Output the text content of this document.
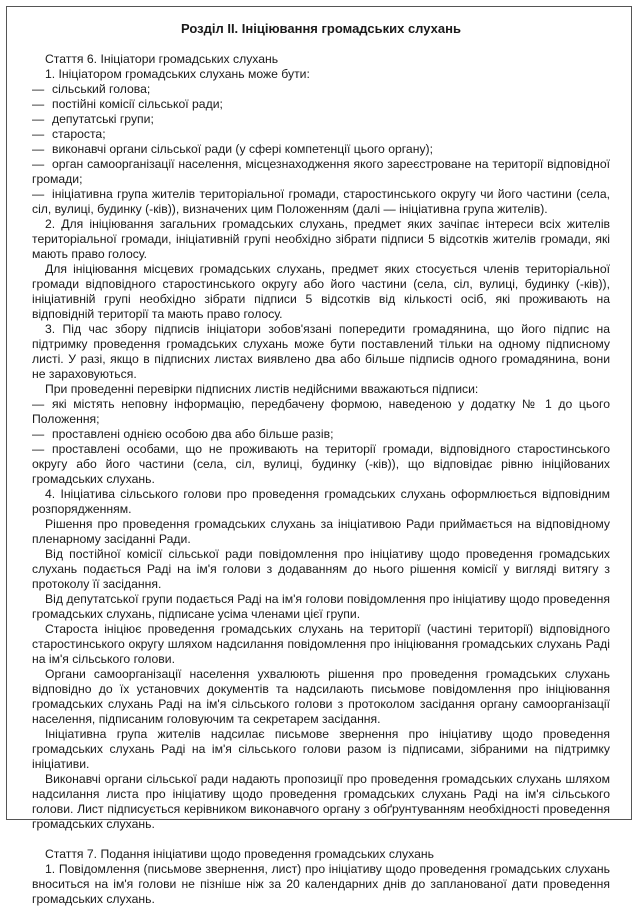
Розділ II. Ініціювання громадських слухань

Стаття 6. Ініціатори громадських слухань

1. Ініціатором громадських слухань може бути:

— сільський голова;

— постійні комісії сільської ради;

— депутатські групи;

— староста;

— виконавчі органи сільської ради (у сфері компетенції цього органу);

— орган самоорганізації населення, місцезнаходження якого зареєстроване на території відповідної громади;

— ініціативна група жителів територіальної громади, старостинського округу чи його частини (села, сіл, вулиці, будинку (-ків)), визначених цим Положенням (далі — ініціативна група жителів).

2. Для ініціювання загальних громадських слухань, предмет яких зачіпає інтереси всіх жителів територіальної громади, ініціативній групі необхідно зібрати підписи 5 відсотків жителів громади, які мають право голосу.

Для ініціювання місцевих громадських слухань, предмет яких стосується членів територіальної громади відповідного старостинського округу або його частини (села, сіл, вулиці, будинку (-ків)), ініціативній групі необхідно зібрати підписи 5 відсотків від кількості осіб, які проживають на відповідній території та мають право голосу.

3. Під час збору підписів ініціатори зобов'язані попередити громадянина, що його підпис на підтримку проведення громадських слухань може бути поставлений тільки на одному підписному листі. У разі, якщо в підписних листах виявлено два або більше підписів одного громадянина, вони не зараховуються.

При проведенні перевірки підписних листів недійсними вважаються підписи:

— які містять неповну інформацію, передбачену формою, наведеною у додатку № 1 до цього Положення;

— проставлені однією особою два або більше разів;

— проставлені особами, що не проживають на території громади, відповідного старостинського округу або його частини (села, сіл, вулиці, будинку (-ків)), що відповідає рівню ініційованих громадських слухань.

4. Ініціатива сільського голови про проведення громадських слухань оформлюється відповідним розпорядженням.

Рішення про проведення громадських слухань за ініціативою Ради приймається на відповідному пленарному засіданні Ради.

Від постійної комісії сільської ради повідомлення про ініціативу щодо проведення громадських слухань подається Раді на ім'я голови з додаванням до нього рішення комісії у вигляді витягу з протоколу її засідання.

Від депутатської групи подається Раді на ім'я голови повідомлення про ініціативу щодо проведення громадських слухань, підписане усіма членами цієї групи.

Староста ініціює проведення громадських слухань на території (частині території) відповідного старостинського округу шляхом надсилання повідомлення про ініціювання громадських слухань Раді на ім'я сільського голови.

Органи самоорганізації населення ухвалюють рішення про проведення громадських слухань відповідно до їх установчих документів та надсилають письмове повідомлення про ініціювання громадських слухань Раді на ім'я сільського голови з протоколом засідання органу самоорганізації населення, підписаним головуючим та секретарем засідання.

Ініціативна група жителів надсилає письмове звернення про ініціативу щодо проведення громадських слухань Раді на ім'я сільського голови разом із підписами, зібраними на підтримку ініціативи.

Виконавчі органи сільської ради надають пропозиції про проведення громадських слухань шляхом надсилання листа про ініціативу щодо проведення громадських слухань Раді на ім'я сільського голови. Лист підписується керівником виконавчого органу з обґрунтуванням необхідності проведення громадських слухань.

Стаття 7. Подання ініціативи щодо проведення громадських слухань

1. Повідомлення (письмове звернення, лист) про ініціативу щодо проведення громадських слухань вноситься на ім'я голови не пізніше ніж за 20 календарних днів до запланованої дати проведення громадських слухань.
